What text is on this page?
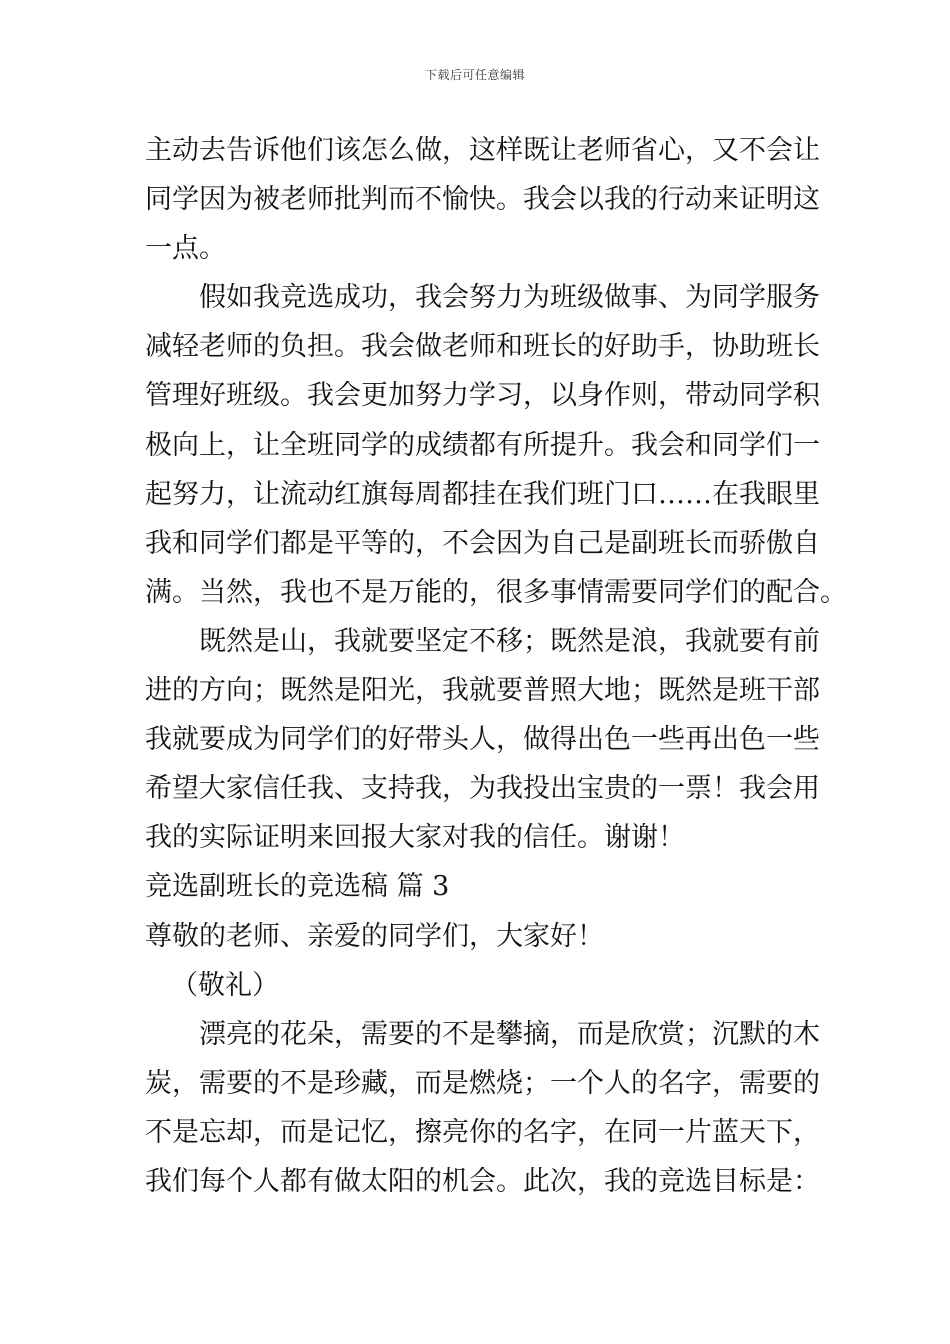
下载后可任意编辑
主动去告诉他们该怎么做，这样既让老师省心，又不会让
同学因为被老师批判而不愉快。我会以我的行动来证明这
一点。
假如我竞选成功，我会努力为班级做事、为同学服务
减轻老师的负担。我会做老师和班长的好助手，协助班长
管理好班级。我会更加努力学习，以身作则，带动同学积
极向上，让全班同学的成绩都有所提升。我会和同学们一
起努力，让流动红旗每周都挂在我们班门口……在我眼里
我和同学们都是平等的，不会因为自己是副班长而骄傲自
满。当然，我也不是万能的，很多事情需要同学们的配合。
既然是山，我就要坚定不移；既然是浪，我就要有前
进的方向；既然是阳光，我就要普照大地；既然是班干部
我就要成为同学们的好带头人，做得出色一些再出色一些
希望大家信任我、支持我，为我投出宝贵的一票！我会用
我的实际证明来回报大家对我的信任。谢谢！
竞选副班长的竞选稿 篇 3
尊敬的老师、亲爱的同学们，大家好！
（敬礼）
漂亮的花朵，需要的不是攀摘，而是欣赏；沉默的木
炭，需要的不是珍藏，而是燃烧；一个人的名字，需要的
不是忘却，而是记忆，擦亮你的名字，在同一片蓝天下，
我们每个人都有做太阳的机会。此次，我的竞选目标是：
